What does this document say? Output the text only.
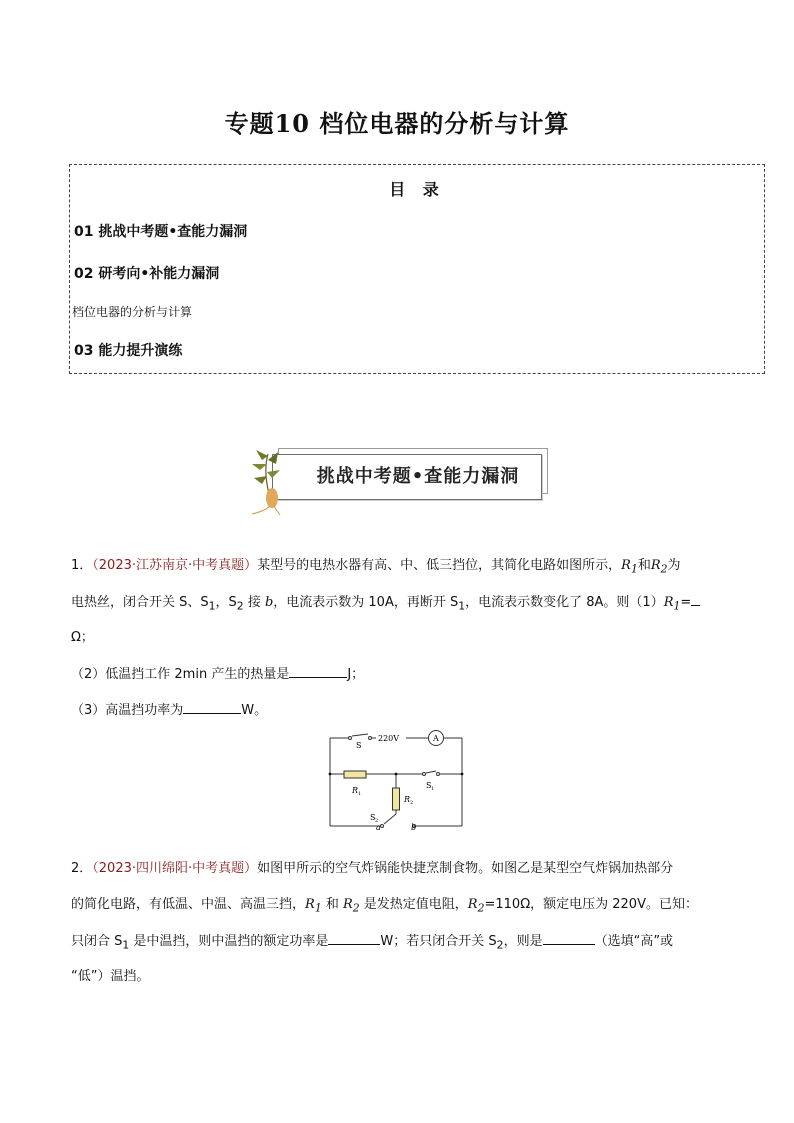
专题10 档位电器的分析与计算
目 录
01 挑战中考题•查能力漏洞
02 研考向•补能力漏洞
档位电器的分析与计算
03 能力提升演练
挑战中考题•查能力漏洞
1．（2023·江苏南京·中考真题）某型号的电热水器有高、中、低三挡位，其简化电路如图所示，$R_1$和$R_2$为
电热丝，闭合开关 S、$S_1$，$S_2$ 接 b，电流表示数为 10A，再断开 $S_1$，电流表示数变化了 8A。则$(1)R_1=$
Ω；
（2）低温挡工作 2min 产生的热量是	J；
（3）高温挡功率为	W。
S
220V	A
R 1
S 1
R 2
S 2
a	b
2．（2023·四川绵阳·中考真题）如图甲所示的空气炸锅能快捷烹制食物。如图乙是某型空气炸锅加热部分
的简化电路，有低温、中温、高温三挡，$R_1$ 和 $R_2$ 是发热定值电阻，$R_2=110\Omega$，额定电压为 220V。已知：
只闭合 $S_1$ 是中温挡，则中温挡的额定功率是	W；若只闭合开关 $S_2$，则是	（选填“高”或
“低”）温挡。
